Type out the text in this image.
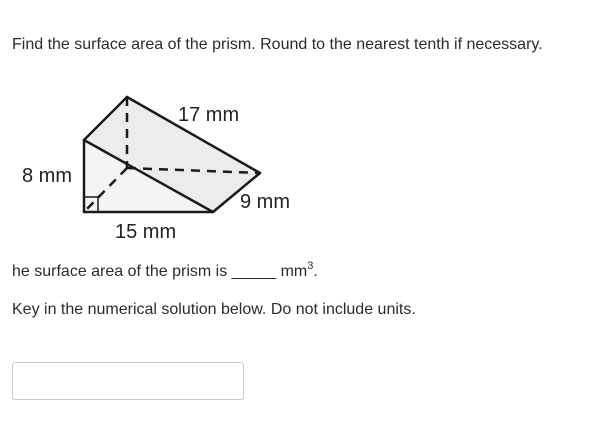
Find the surface area of the prism. Round to the nearest tenth if necessary.
17 mm
8 mm
9 mm
15 mm
he surface area of the prism is _____ $mm^3$.
Key in the numerical solution below. Do not include units.
